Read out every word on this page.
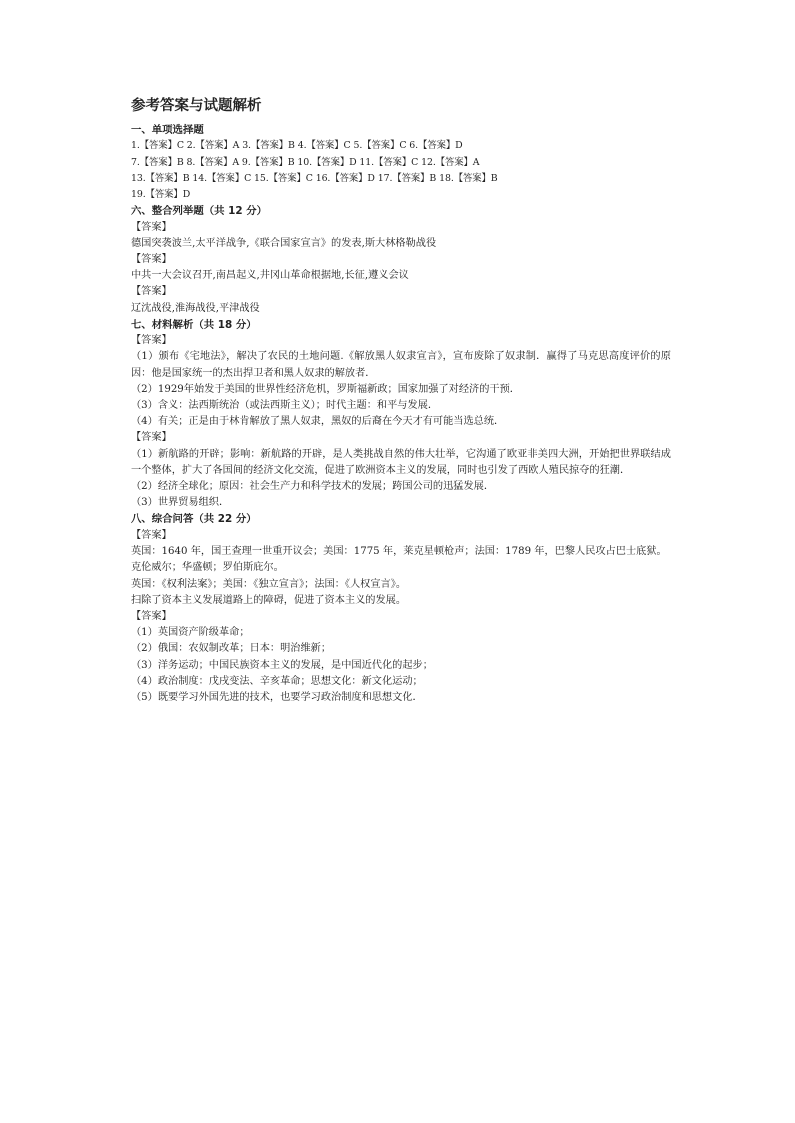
参考答案与试题解析
一、单项选择题
1.【答案】C 2.【答案】A 3.【答案】B 4.【答案】C 5.【答案】C 6.【答案】D
7.【答案】B 8.【答案】A 9.【答案】B 10.【答案】D 11.【答案】C 12.【答案】A
13.【答案】B 14.【答案】C 15.【答案】C 16.【答案】D 17.【答案】B 18.【答案】B
19.【答案】D
六、整合列举题（共 12 分）
【答案】
德国突袭波兰,太平洋战争,《联合国家宣言》的发表,斯大林格勒战役
【答案】
中共一大会议召开,南昌起义,井冈山革命根据地,长征,遵义会议
【答案】
辽沈战役,淮海战役,平津战役
七、材料解析（共 18 分）
【答案】
（1）颁布《宅地法》，解决了农民的土地问题.《解放黑人奴隶宣言》，宣布废除了奴隶制．赢得了马克思高度评价的原因：他是国家统一的杰出捍卫者和黑人奴隶的解放者．
（2）1929年始发于美国的世界性经济危机，罗斯福新政；国家加强了对经济的干预．
（3）含义：法西斯统治（或法西斯主义）；时代主题：和平与发展．
（4）有关；正是由于林肯解放了黑人奴隶，黑奴的后裔在今天才有可能当选总统．
【答案】
（1）新航路的开辟；影响：新航路的开辟，是人类挑战自然的伟大壮举，它沟通了欧亚非美四大洲，开始把世界联结成一个整体，扩大了各国间的经济文化交流，促进了欧洲资本主义的发展，同时也引发了西欧人殖民掠夺的狂潮．
（2）经济全球化；原因：社会生产力和科学技术的发展；跨国公司的迅猛发展．
（3）世界贸易组织．
八、综合问答（共 22 分）
【答案】
英国：1640 年，国王查理一世重开议会；美国：1775 年，莱克星顿枪声；法国：1789 年，巴黎人民攻占巴士底狱。
克伦威尔；华盛顿；罗伯斯庇尔。
英国：《权利法案》；美国：《独立宣言》；法国：《人权宣言》。
扫除了资本主义发展道路上的障碍，促进了资本主义的发展。
【答案】
（1）英国资产阶级革命；
（2）俄国：农奴制改革；日本：明治维新；
（3）洋务运动；中国民族资本主义的发展，是中国近代化的起步；
（4）政治制度：戊戌变法、辛亥革命；思想文化：新文化运动；
（5）既要学习外国先进的技术，也要学习政治制度和思想文化．
